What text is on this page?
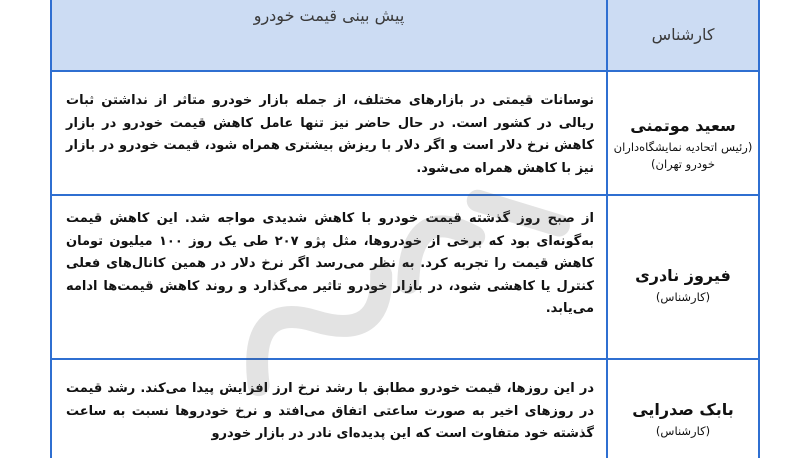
کارشناس
پیش بینی قیمت خودرو
سعید موتمنی
(رئیس اتحادیه نمایشگاه‌داران خودرو تهران)

نوسانات قیمتی در بازارهای مختلف، از جمله بازار خودرو متاثر از نداشتن ثبات ریالی در کشور است. در حال حاضر نیز تنها عامل کاهش قیمت خودرو در بازار کاهش نرخ دلار است و اگر دلار با ریزش بیشتری همراه شود، قیمت خودرو در بازار نیز با کاهش همراه می‌شود.

فیروز نادری
(کارشناس)

از صبح روز گذشته قیمت خودرو با کاهش شدیدی مواجه شد. این کاهش قیمت به‌گونه‌ای بود که برخی از خودروها، مثل پژو ۲۰۷ طی یک روز ۱۰۰ میلیون تومان کاهش قیمت را تجربه کرد. به نظر می‌رسد اگر نرخ دلار در همین کانال‌های فعلی کنترل یا کاهشی شود، در بازار خودرو تاثیر می‌گذارد و روند کاهش قیمت‌ها ادامه می‌یابد.

بابک صدرایی
(کارشناس)

در این روزها، قیمت خودرو مطابق با رشد نرخ ارز افزایش پیدا می‌کند. رشد قیمت در روزهای اخیر به صورت ساعتی اتفاق می‌افتد و نرخ خودروها نسبت به ساعت گذشته خود متفاوت است که این پدیده‌ای نادر در بازار خودرو
